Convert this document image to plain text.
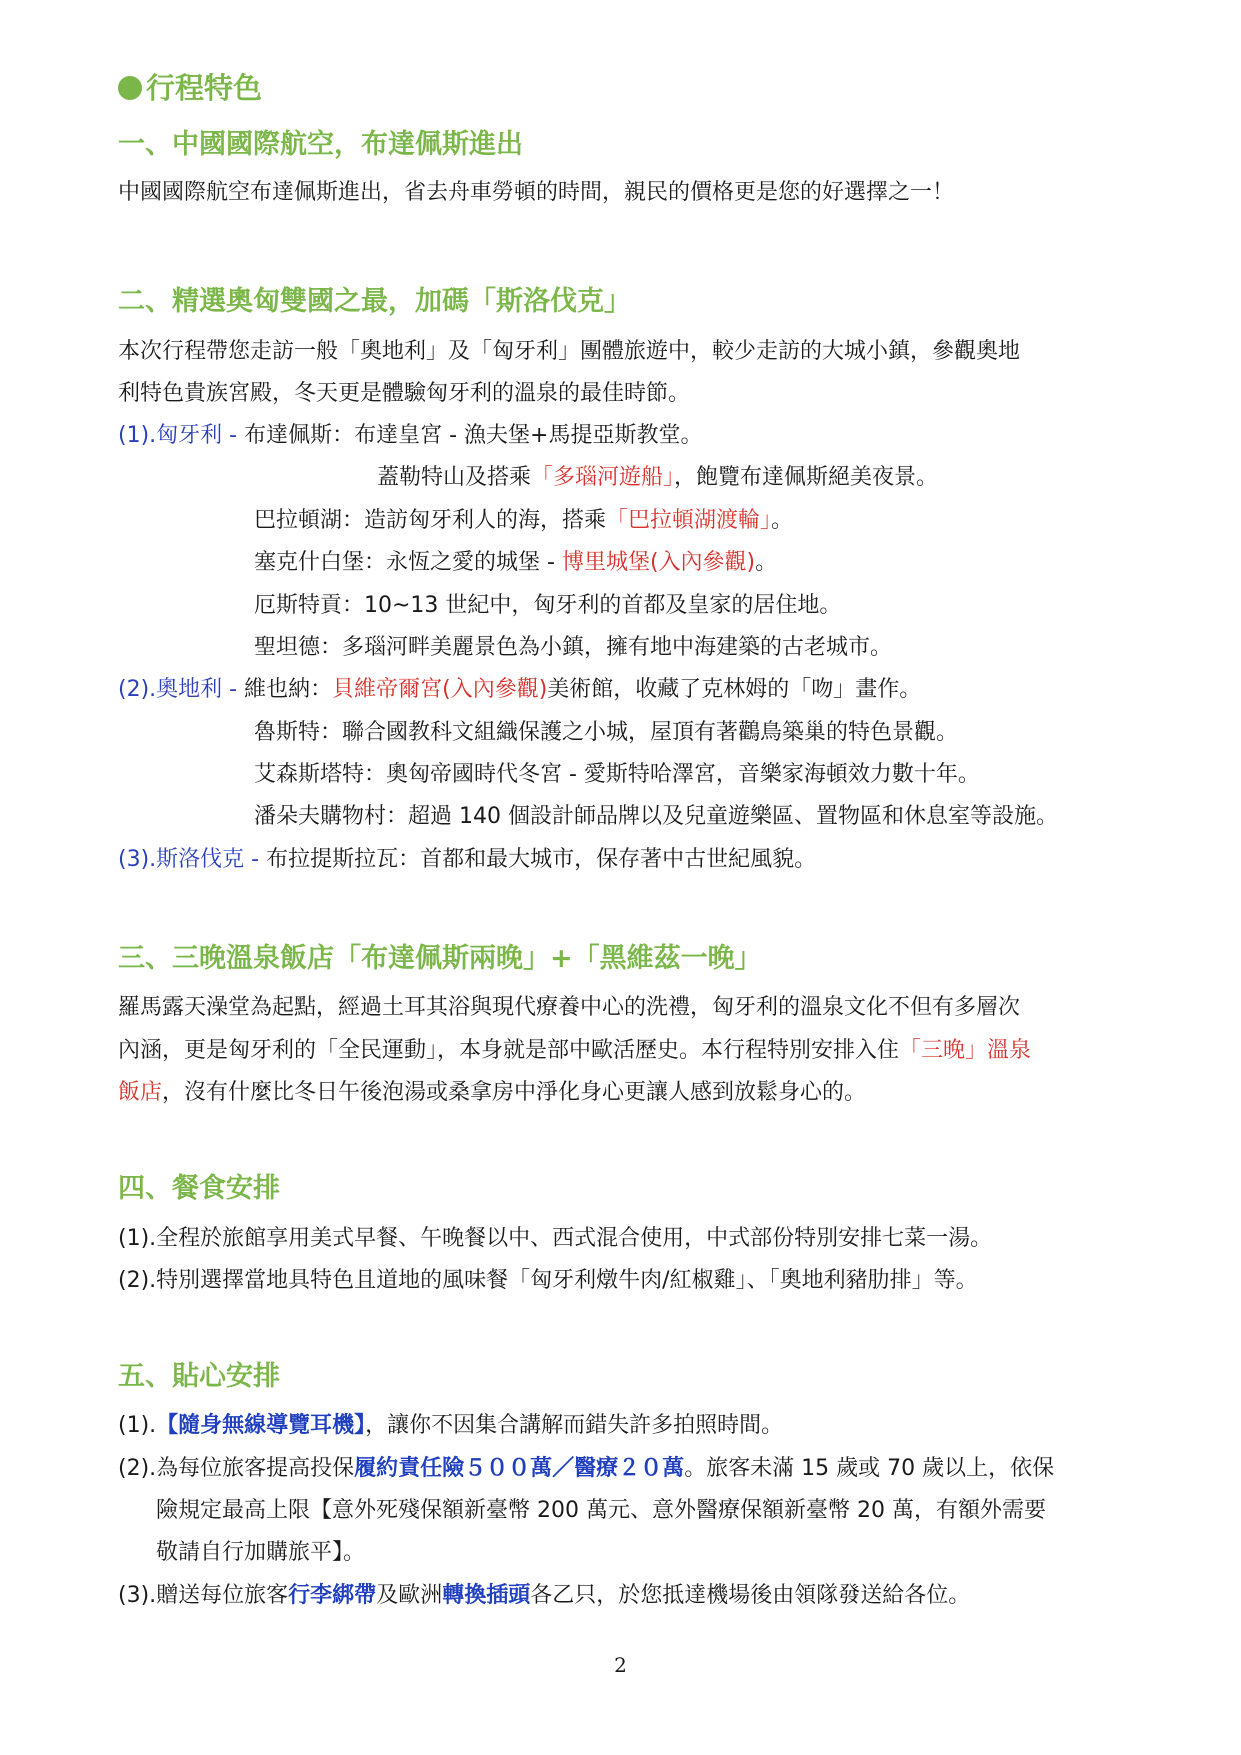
行程特色
一、中國國際航空，布達佩斯進出
中國國際航空布達佩斯進出，省去舟車勞頓的時間，親民的價格更是您的好選擇之一！
二、精選奧匈雙國之最，加碼「斯洛伐克」
本次行程帶您走訪一般「奧地利」及「匈牙利」團體旅遊中，較少走訪的大城小鎮，參觀奧地
利特色貴族宮殿，冬天更是體驗匈牙利的溫泉的最佳時節。
(1).匈牙利 - 布達佩斯：布達皇宮 - 漁夫堡+馬提亞斯教堂。
蓋勒特山及搭乘「多瑙河遊船」，飽覽布達佩斯絕美夜景。
巴拉頓湖：造訪匈牙利人的海，搭乘「巴拉頓湖渡輪」。
塞克什白堡：永恆之愛的城堡 - 博里城堡(入內參觀)。
厄斯特貢：10~13 世紀中，匈牙利的首都及皇家的居住地。
聖坦德：多瑙河畔美麗景色為小鎮，擁有地中海建築的古老城市。
(2).奧地利 - 維也納：貝維帝爾宮(入內參觀)美術館，收藏了克林姆的「吻」畫作。
魯斯特：聯合國教科文組織保護之小城，屋頂有著鸛鳥築巢的特色景觀。
艾森斯塔特：奧匈帝國時代冬宮 - 愛斯特哈澤宮，音樂家海頓效力數十年。
潘朵夫購物村：超過 140 個設計師品牌以及兒童遊樂區、置物區和休息室等設施。
(3).斯洛伐克 - 布拉提斯拉瓦：首都和最大城市，保存著中古世紀風貌。
三、三晚溫泉飯店「布達佩斯兩晚」+「黑維茲一晚」
羅馬露天澡堂為起點，經過土耳其浴與現代療養中心的洗禮，匈牙利的溫泉文化不但有多層次
內涵，更是匈牙利的「全民運動」，本身就是部中歐活歷史。本行程特別安排入住「三晚」溫泉
飯店，沒有什麼比冬日午後泡湯或桑拿房中淨化身心更讓人感到放鬆身心的。
四、餐食安排
(1).全程於旅館享用美式早餐、午晚餐以中、西式混合使用，中式部份特別安排七菜一湯。
(2).特別選擇當地具特色且道地的風味餐「匈牙利燉牛肉/紅椒雞」、「奧地利豬肋排」等。
五、貼心安排
(1).【隨身無線導覽耳機】，讓你不因集合講解而錯失許多拍照時間。
(2).為每位旅客提高投保履約責任險５００萬／醫療２０萬。旅客未滿 15 歲或 70 歲以上，依保
險規定最高上限【意外死殘保額新臺幣 200 萬元、意外醫療保額新臺幣 20 萬，有額外需要
敬請自行加購旅平】。
(3).贈送每位旅客行李綁帶及歐洲轉換插頭各乙只，於您抵達機場後由領隊發送給各位。
2
